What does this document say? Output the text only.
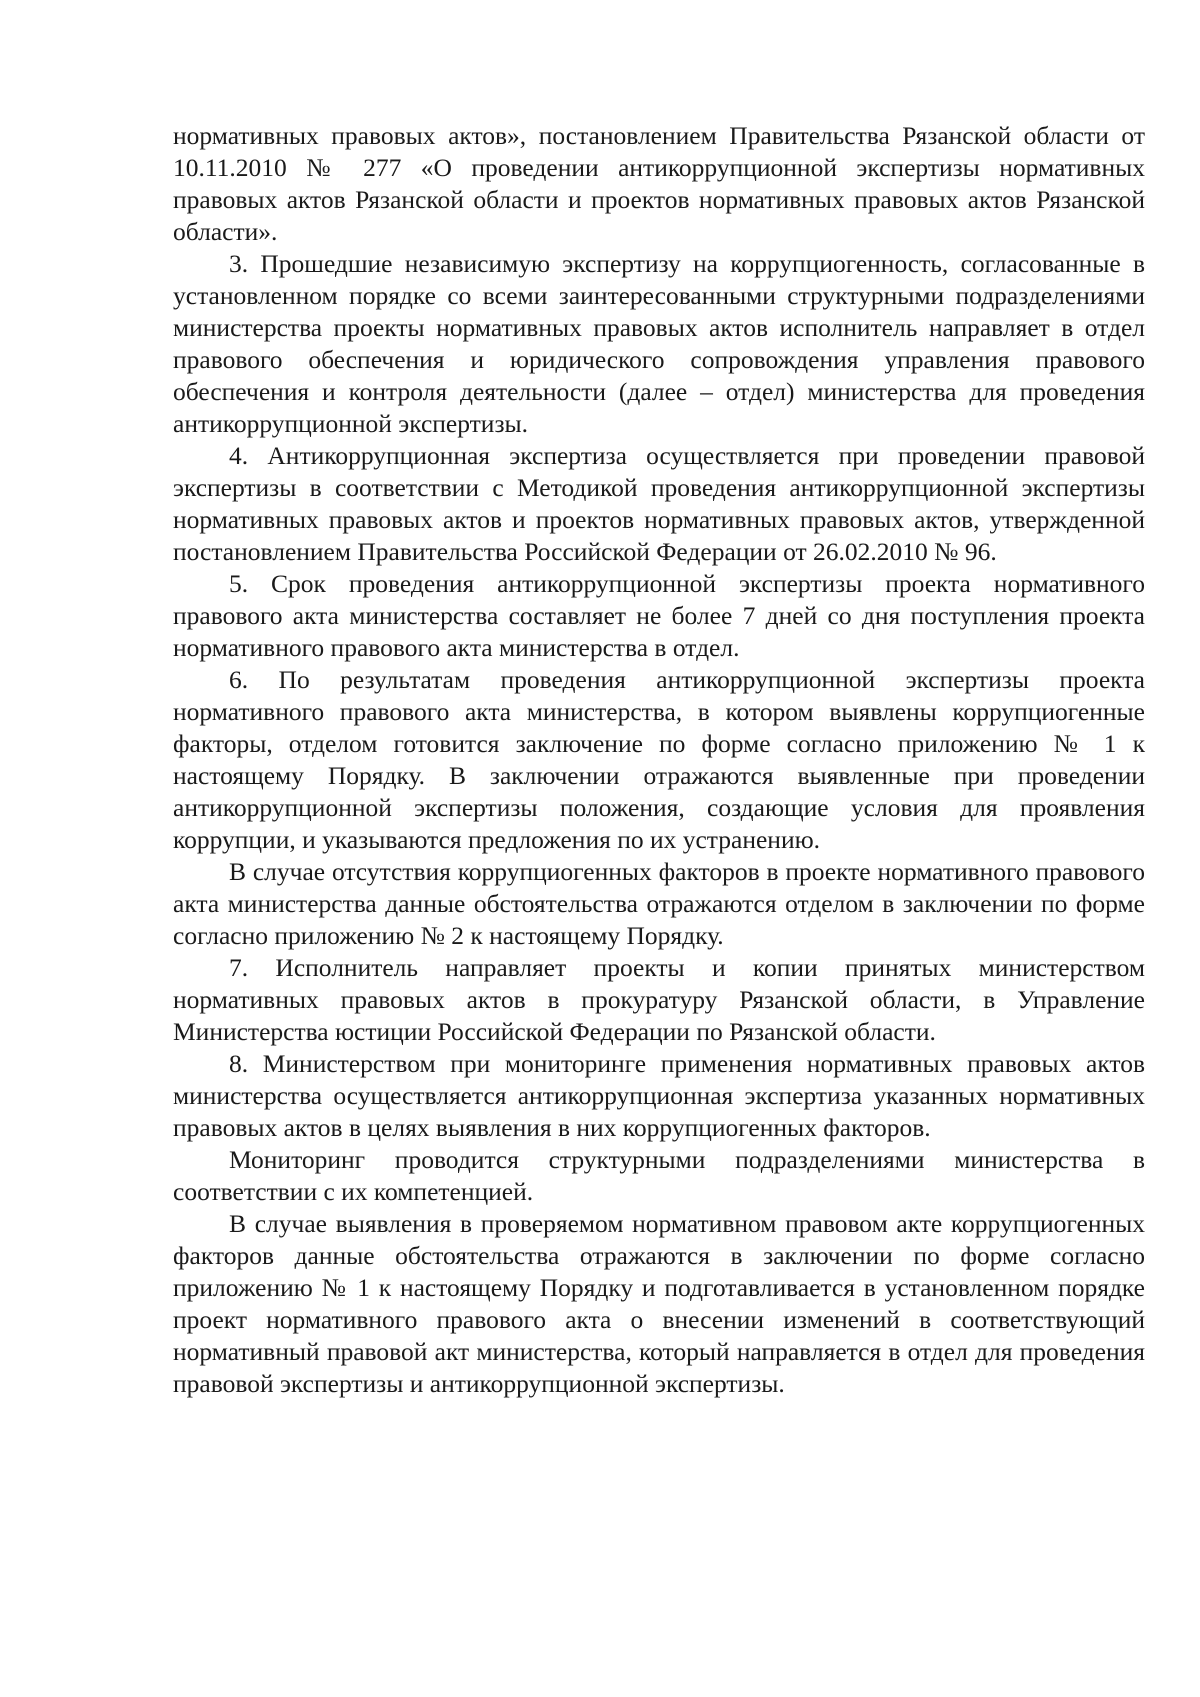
нормативных правовых актов», постановлением Правительства Рязанской области от 10.11.2010 № 277 «О проведении антикоррупционной экспертизы нормативных правовых актов Рязанской области и проектов нормативных правовых актов Рязанской области».

3. Прошедшие независимую экспертизу на коррупциогенность, согласованные в установленном порядке со всеми заинтересованными структурными подразделениями министерства проекты нормативных правовых актов исполнитель направляет в отдел правового обеспечения и юридического сопровождения управления правового обеспечения и контроля деятельности (далее – отдел) министерства для проведения антикоррупционной экспертизы.

4. Антикоррупционная экспертиза осуществляется при проведении правовой экспертизы в соответствии с Методикой проведения антикоррупционной экспертизы нормативных правовых актов и проектов нормативных правовых актов, утвержденной постановлением Правительства Российской Федерации от 26.02.2010 № 96.

5. Срок проведения антикоррупционной экспертизы проекта нормативного правового акта министерства составляет не более 7 дней со дня поступления проекта нормативного правового акта министерства в отдел.

6. По результатам проведения антикоррупционной экспертизы проекта нормативного правового акта министерства, в котором выявлены коррупциогенные факторы, отделом готовится заключение по форме согласно приложению № 1 к настоящему Порядку. В заключении отражаются выявленные при проведении антикоррупционной экспертизы положения, создающие условия для проявления коррупции, и указываются предложения по их устранению.

В случае отсутствия коррупциогенных факторов в проекте нормативного правового акта министерства данные обстоятельства отражаются отделом в заключении по форме согласно приложению № 2 к настоящему Порядку.

7. Исполнитель направляет проекты и копии принятых министерством нормативных правовых актов в прокуратуру Рязанской области, в Управление Министерства юстиции Российской Федерации по Рязанской области.

8. Министерством при мониторинге применения нормативных правовых актов министерства осуществляется антикоррупционная экспертиза указанных нормативных правовых актов в целях выявления в них коррупциогенных факторов.

Мониторинг проводится структурными подразделениями министерства в соответствии с их компетенцией.

В случае выявления в проверяемом нормативном правовом акте коррупциогенных факторов данные обстоятельства отражаются в заключении по форме согласно приложению № 1 к настоящему Порядку и подготавливается в установленном порядке проект нормативного правового акта о внесении изменений в соответствующий нормативный правовой акт министерства, который направляется в отдел для проведения правовой экспертизы и антикоррупционной экспертизы.
